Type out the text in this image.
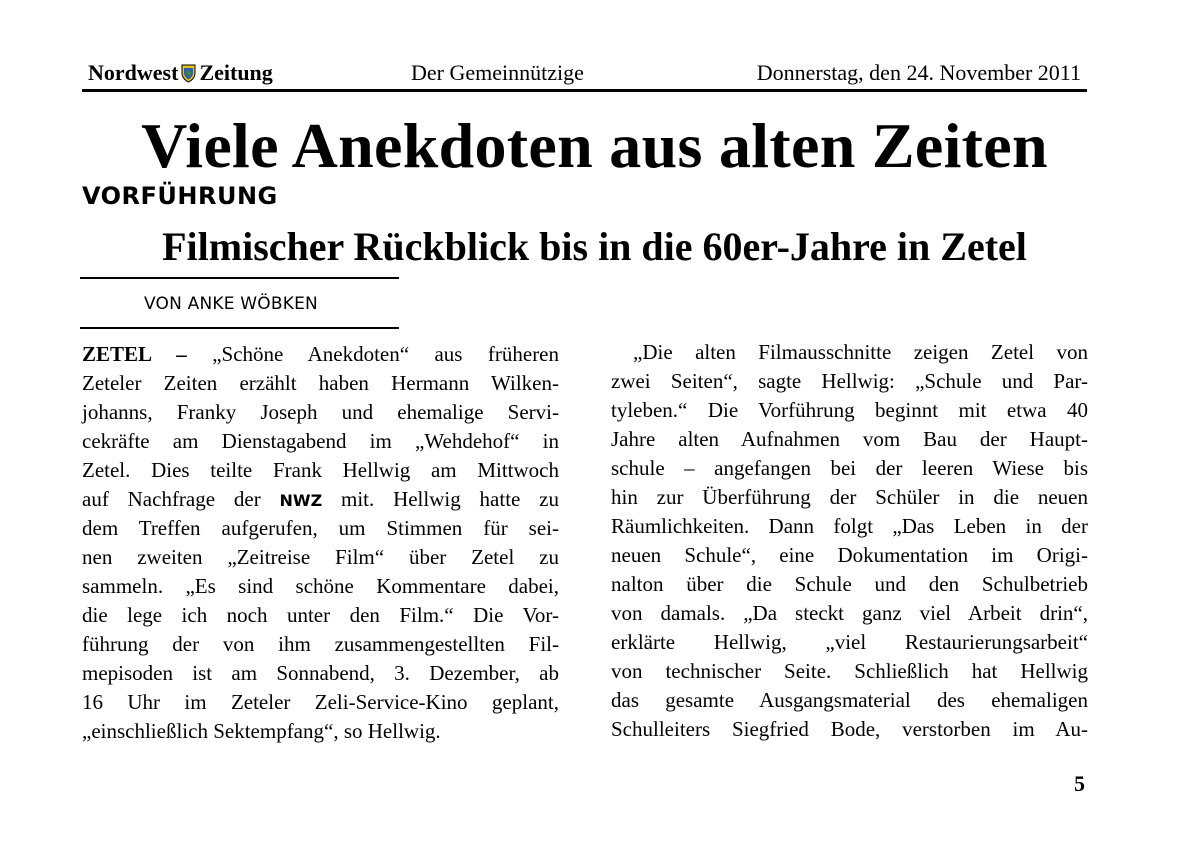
Nordwest Zeitung	Der Gemeinnützige	Donnerstag, den 24. November 2011
Viele Anekdoten aus alten Zeiten
VORFÜHRUNG
Filmischer Rückblick bis in die 60er-Jahre in Zetel
VON ANKE WÖBKEN
ZETEL – „Schöne Anekdoten“ aus früheren
Zeteler Zeiten erzählt haben Hermann Wilken-
johanns, Franky Joseph und ehemalige Servi-
cekräfte am Dienstagabend im „Wehdehof“ in
Zetel. Dies teilte Frank Hellwig am Mittwoch
auf Nachfrage der NWZ mit. Hellwig hatte zu
dem Treffen aufgerufen, um Stimmen für sei-
nen zweiten „Zeitreise Film“ über Zetel zu
sammeln. „Es sind schöne Kommentare dabei,
die lege ich noch unter den Film.“ Die Vor-
führung der von ihm zusammengestellten Fil-
mepisoden ist am Sonnabend, 3. Dezember, ab
16 Uhr im Zeteler Zeli-Service-Kino geplant,
„einschließlich Sektempfang“, so Hellwig.
„Die alten Filmausschnitte zeigen Zetel von
zwei Seiten“, sagte Hellwig: „Schule und Par-
tyleben.“ Die Vorführung beginnt mit etwa 40
Jahre alten Aufnahmen vom Bau der Haupt-
schule – angefangen bei der leeren Wiese bis
hin zur Überführung der Schüler in die neuen
Räumlichkeiten. Dann folgt „Das Leben in der
neuen Schule“, eine Dokumentation im Origi-
nalton über die Schule und den Schulbetrieb
von damals. „Da steckt ganz viel Arbeit drin“,
erklärte Hellwig, „viel Restaurierungsarbeit“
von technischer Seite. Schließlich hat Hellwig
das gesamte Ausgangsmaterial des ehemaligen
Schulleiters Siegfried Bode, verstorben im Au-
5
